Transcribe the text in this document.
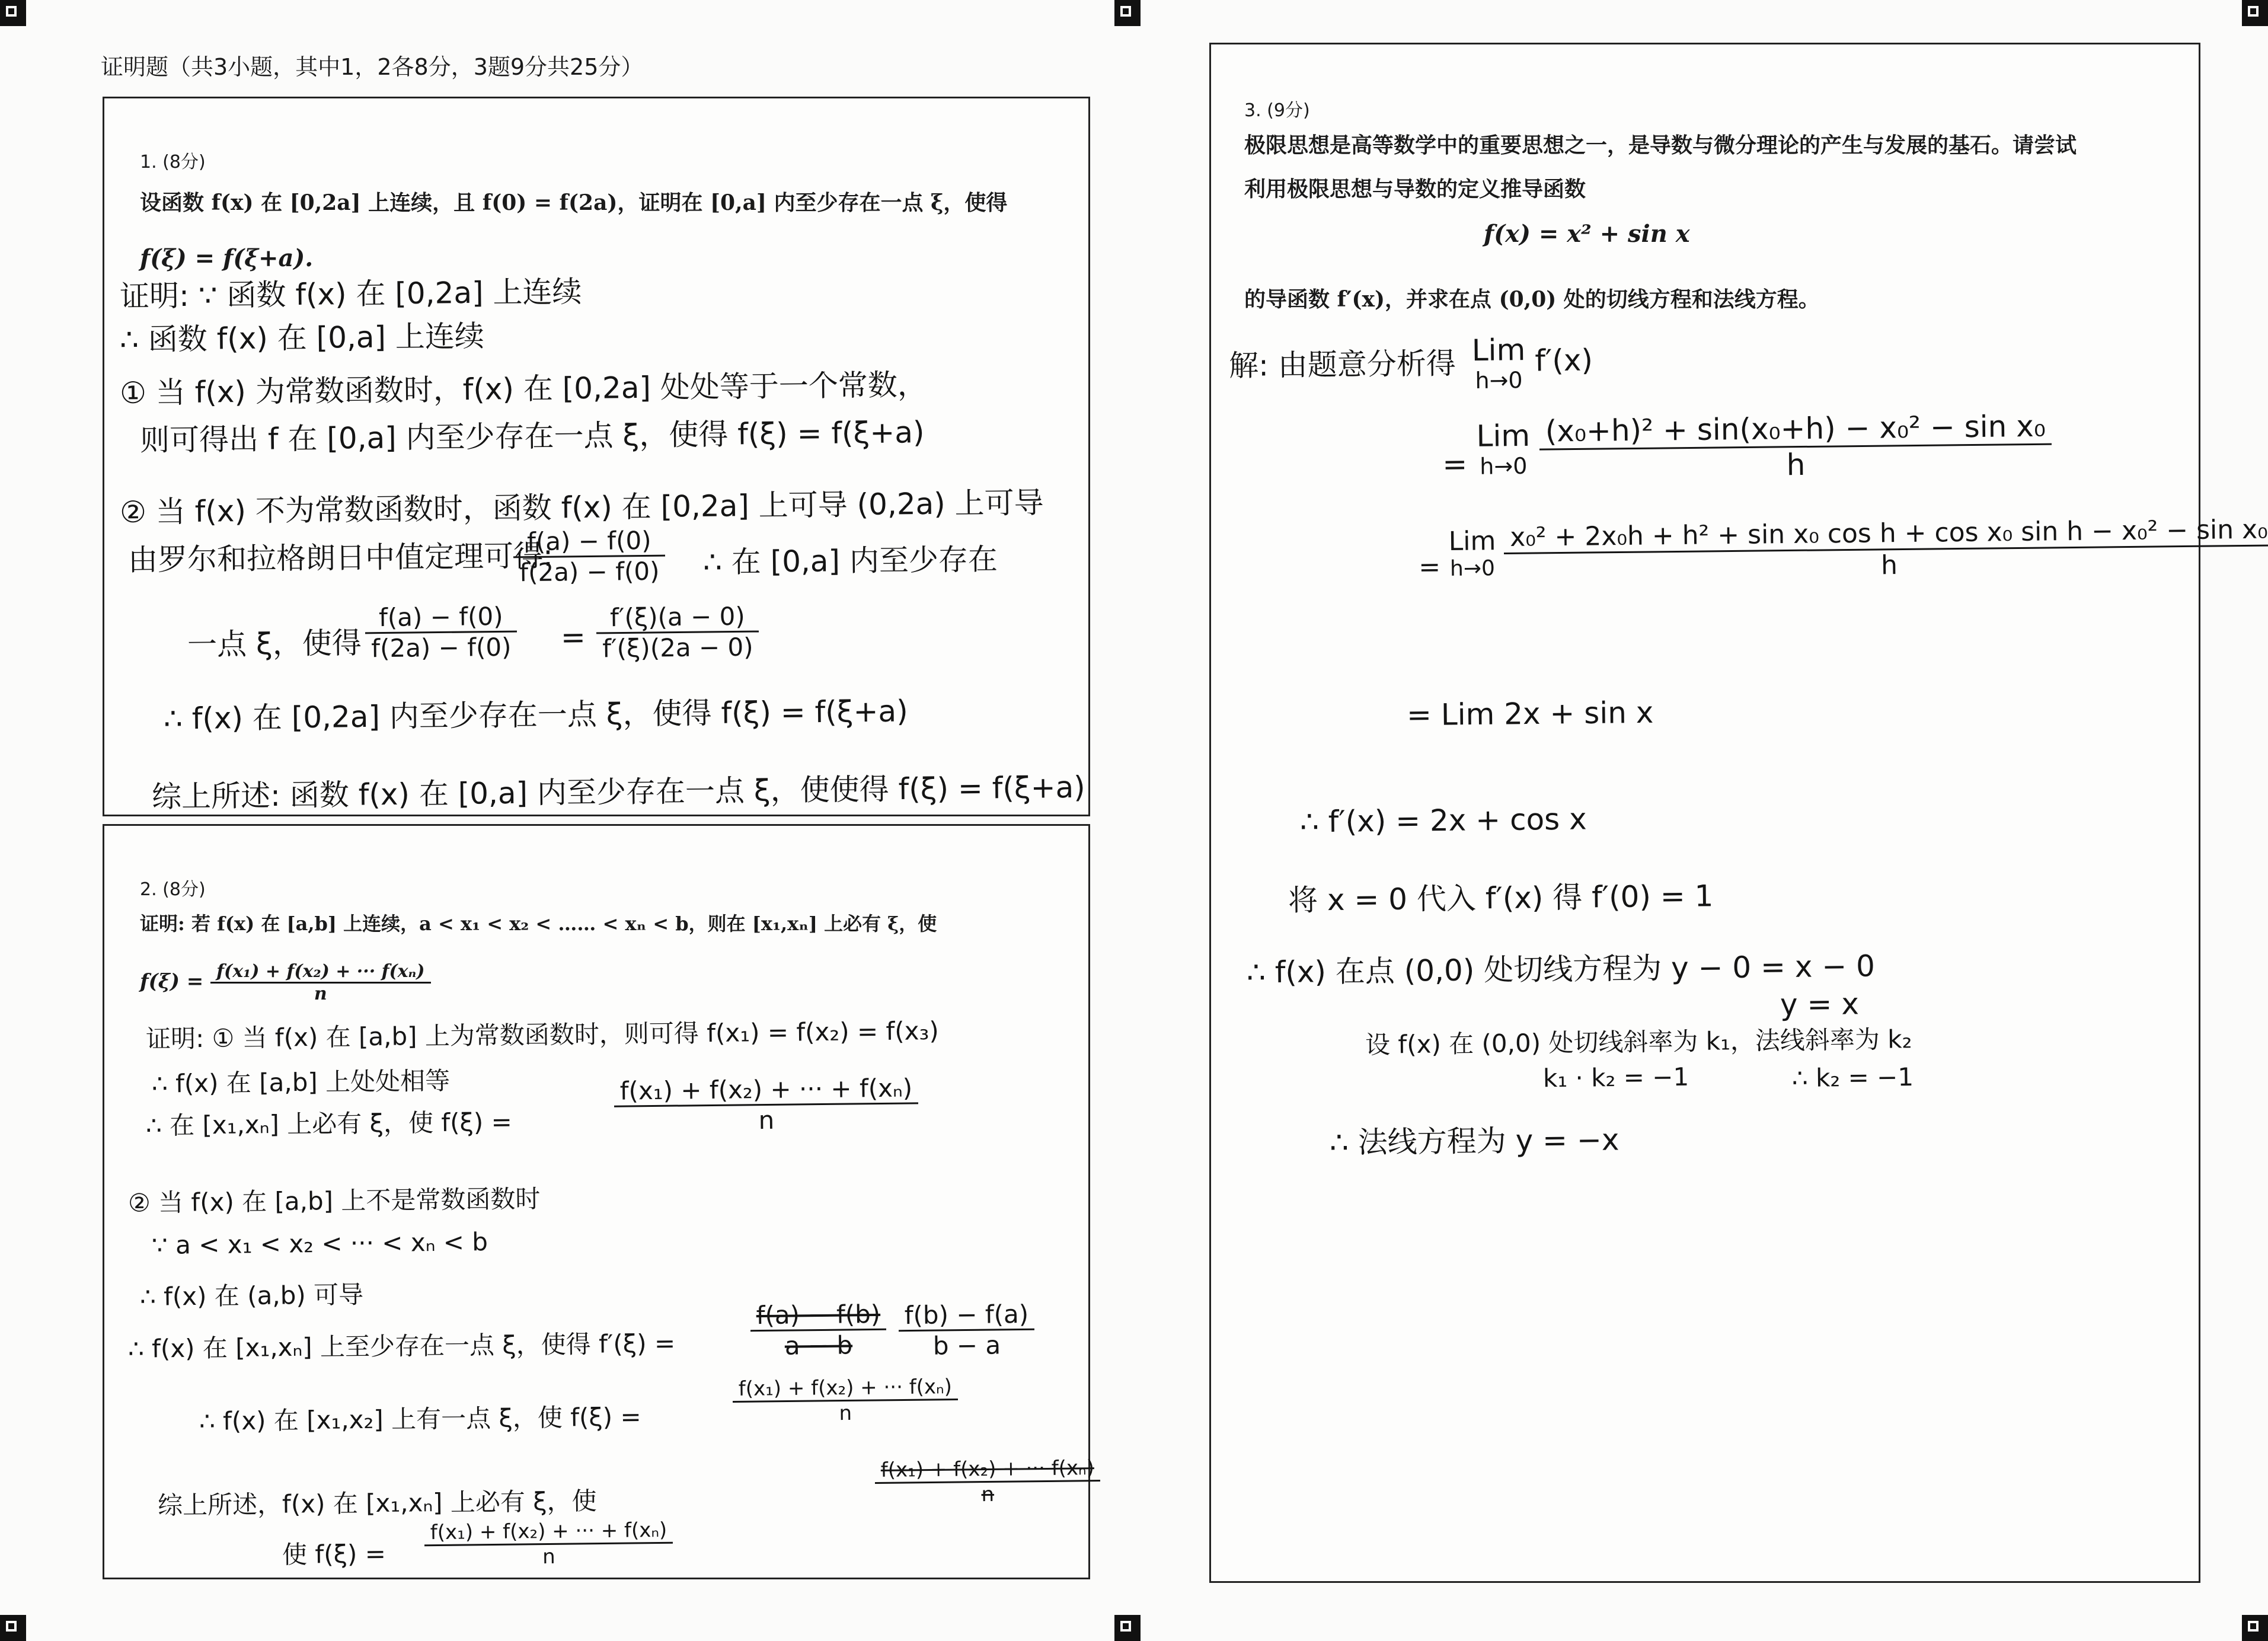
证明题（共3小题，其中1，2各8分，3题9分共25分）
1. (8分)
设函数 f(x) 在 [0,2a] 上连续，且 f(0) = f(2a)，证明在 [0,a] 内至少存在一点 ξ，使得
f(ξ) = f(ξ+a).
证明: ∵ 函数 f(x) 在 [0,2a] 上连续
∴ 函数 f(x) 在 [0,a] 上连续
① 当 f(x) 为常数函数时，f(x) 在 [0,2a] 处处等于一个常数，
则可得出 f 在 [0,a] 内至少存在一点 ξ，使得 f(ξ) = f(ξ+a)
② 当 f(x) 不为常数函数时，函数 f(x) 在 [0,2a] 上可导 (0,2a) 上可导
由罗尔和拉格朗日中值定理可得:
$\frac{f(a) - f(0)}{f(2a) - f(0)}$ ∴ 在 [0,a] 内至少存在
一点 ξ，使得 $\frac{f(a) - f(0)}{f(2a) - f(0)} = \frac{f'(\xi)(a - 0)}{f'(\xi)(2a - 0)}$
∴ f(x) 在 [0,2a] 内至少存在一点 ξ，使得 f(ξ) = f(ξ+a)
综上所述: 函数 f(x) 在 [0,a] 内至少存在一点 ξ，使使得 f(ξ) = f(ξ+a)
2. (8分)
证明: 若 f(x) 在 [a,b] 上连续，a < x₁ < x₂ < …… < xₙ < b，则在 [x₁,xₙ] 上必有 ξ，使
$f(\xi) = \frac{\text{f(x₁) + f(x₂) + ··· f(xₙ)}}{n}$
证明: ① 当 f(x) 在 [a,b] 上为常数函数时，则可得 f(x₁) = f(x₂) = f(x₃)
∴ f(x) 在 [a,b] 上处处相等
∴ 在 [x₁,xₙ] 上必有 ξ，使 f(ξ) =	$\frac{\text{f(x₁) + f(x₂) + ··· + f(xₙ)}}{n}$
② 当 f(x) 在 [a,b] 上不是常数函数时
∵ a < x₁ < x₂ < ··· < xₙ < b
∴ f(x) 在 (a,b) 可导
∴ f(x) 在 [x₁,xₙ] 上至少存在一点 ξ，使得 f′(ξ) =	$\frac{f(a) - f(b)}{a - b} \frac{f(b) - f(a)}{b - a}$
∴ f(x) 在 [x₁,x₂] 上有一点 ξ，使 f(ξ) =	$\frac{\text{f(x₁) + f(x₂) + ··· f(xₙ)}}{n}$
综上所述，f(x) 在 [x₁,xₙ] 上必有 ξ，使	$\frac{\text{f(x₁) + f(x₂) + ··· f(xₙ)}}{n}$
使 $f(\xi) = \frac{\text{f(x₁) + f(x₂) + ··· + f(xₙ)}}{n}$
3. (9分)
极限思想是高等数学中的重要思想之一，是导数与微分理论的产生与发展的基石。请尝试
利用极限思想与导数的定义推导函数
f(x) = x² + sin x
的导函数 f′(x)，并求在点 (0,0) 处的切线方程和法线方程。
解: 由题意分析得 Lim
h→0
f′(x)
=
Lim
h→0
$\frac{\text{(x₀+h)² + sin(x₀+h) − x₀² − sin x₀}}{h}$
=
Lim
h→0
$\frac{\text{x₀² + 2x₀h + h² + sin x₀ cos h + cos x₀ sin h − x₀² − sin x₀}}{h}$
= Lim 2x + sin x
∴ f′(x) = 2x + cos x
将 x = 0 代入 f′(x) 得 f′(0) = 1
∴ f(x) 在点 (0,0) 处切线方程为 y − 0 = x − 0
y = x
设 f(x) 在 (0,0) 处切线斜率为 k₁，法线斜率为 k₂
k₁ · k₂ = −1	∴ k₂ = −1
∴ 法线方程为 y = −x
